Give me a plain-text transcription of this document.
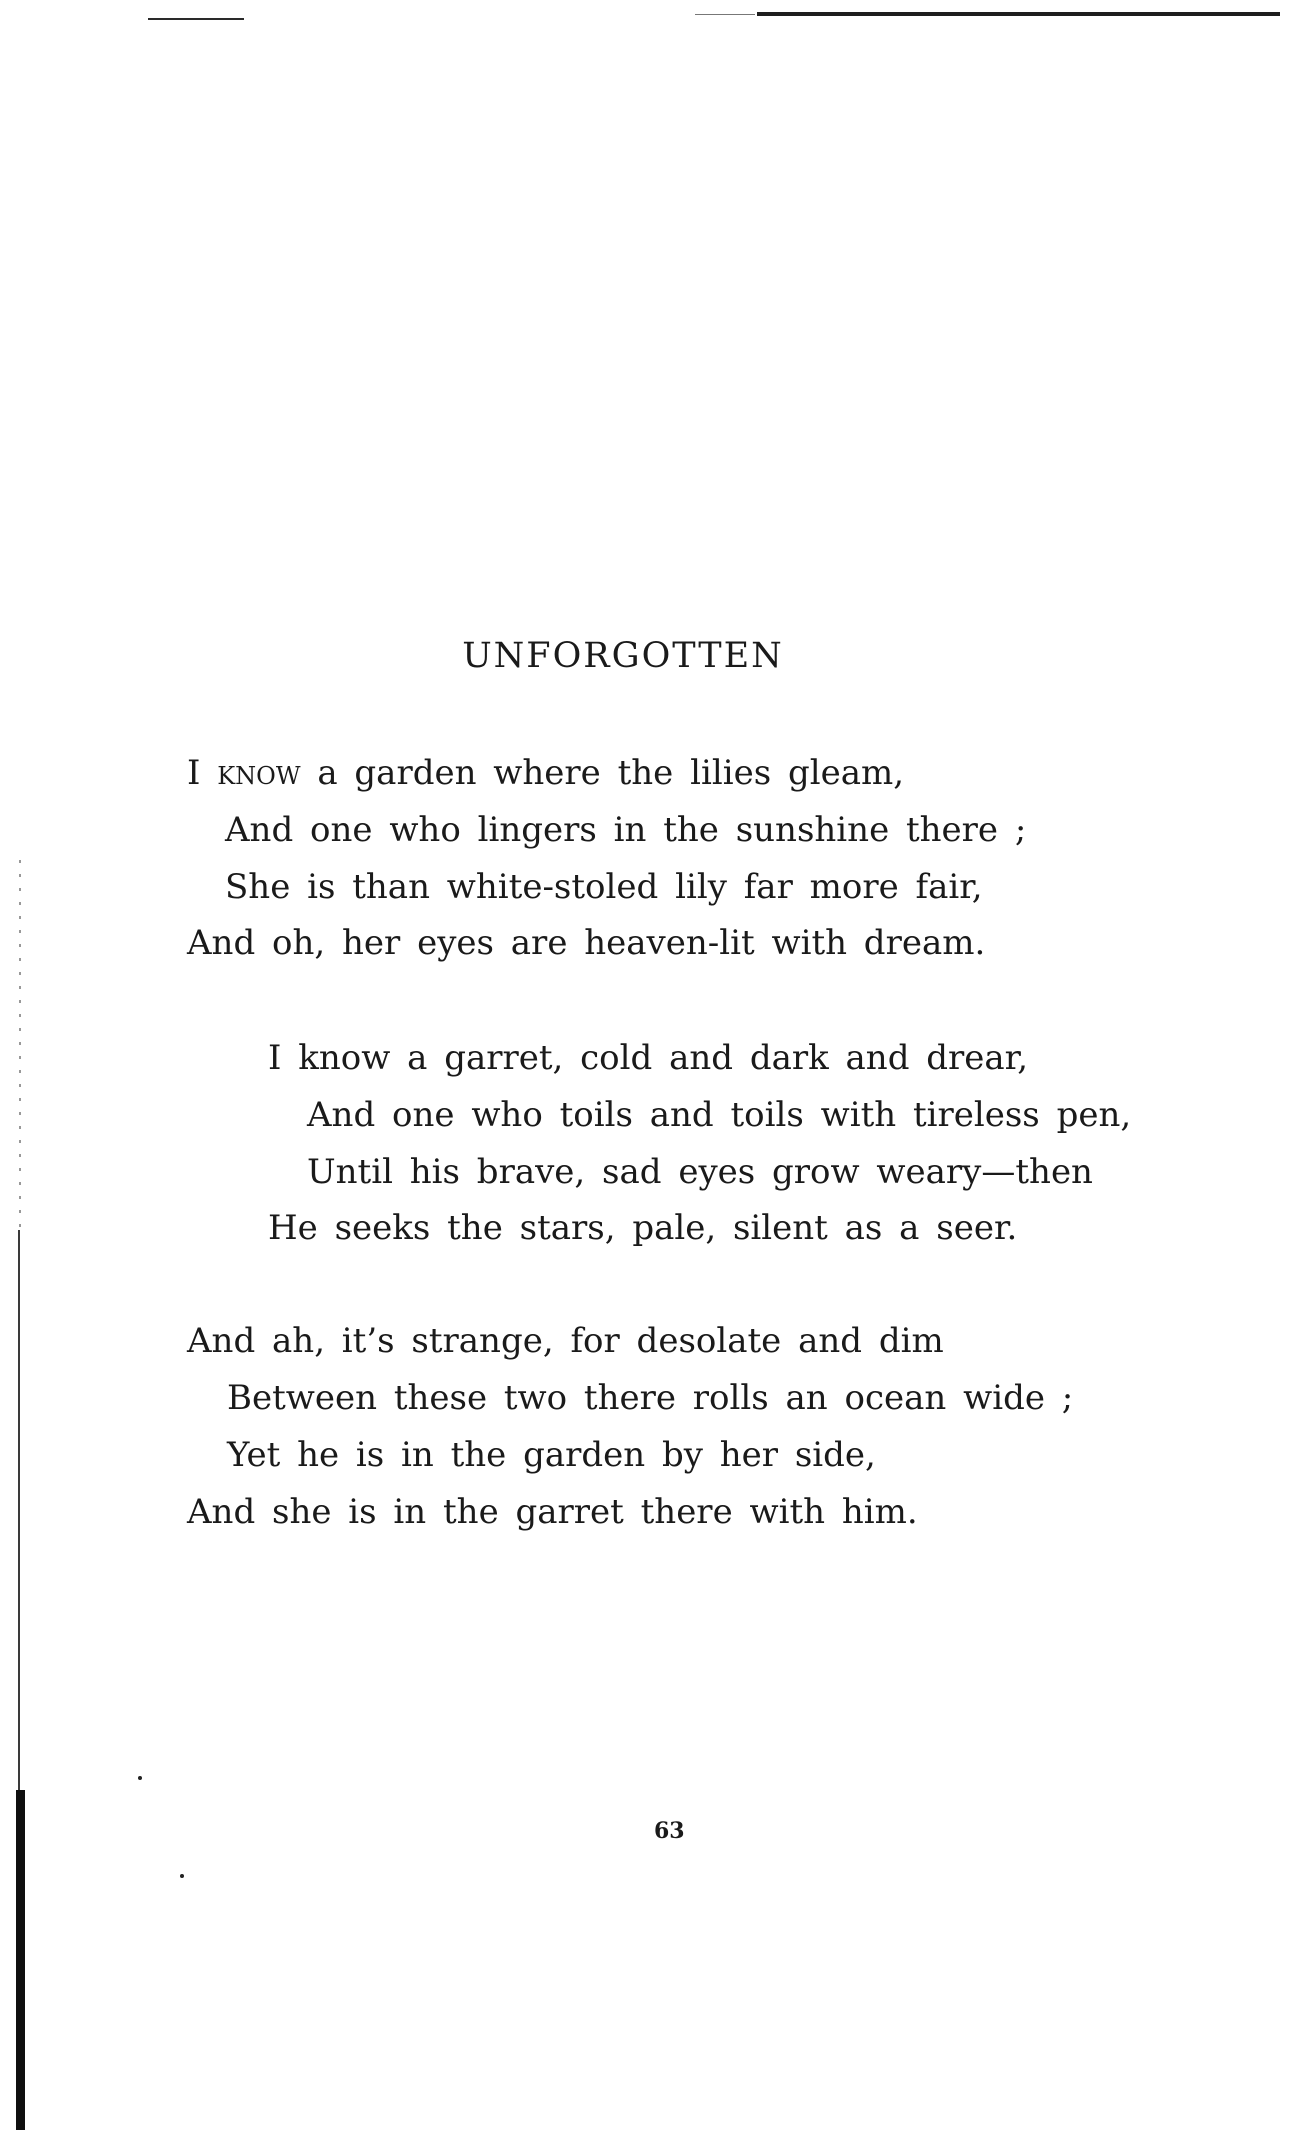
UNFORGOTTEN
I know a garden where the lilies gleam,
And one who lingers in the sunshine there ;
She is than white-stoled lily far more fair,
And oh, her eyes are heaven-lit with dream.
I know a garret, cold and dark and drear,
And one who toils and toils with tireless pen,
Until his brave, sad eyes grow weary—then
He seeks the stars, pale, silent as a seer.
And ah, it’s strange, for desolate and dim
Between these two there rolls an ocean wide ;
Yet he is in the garden by her side,
And she is in the garret there with him.
63
